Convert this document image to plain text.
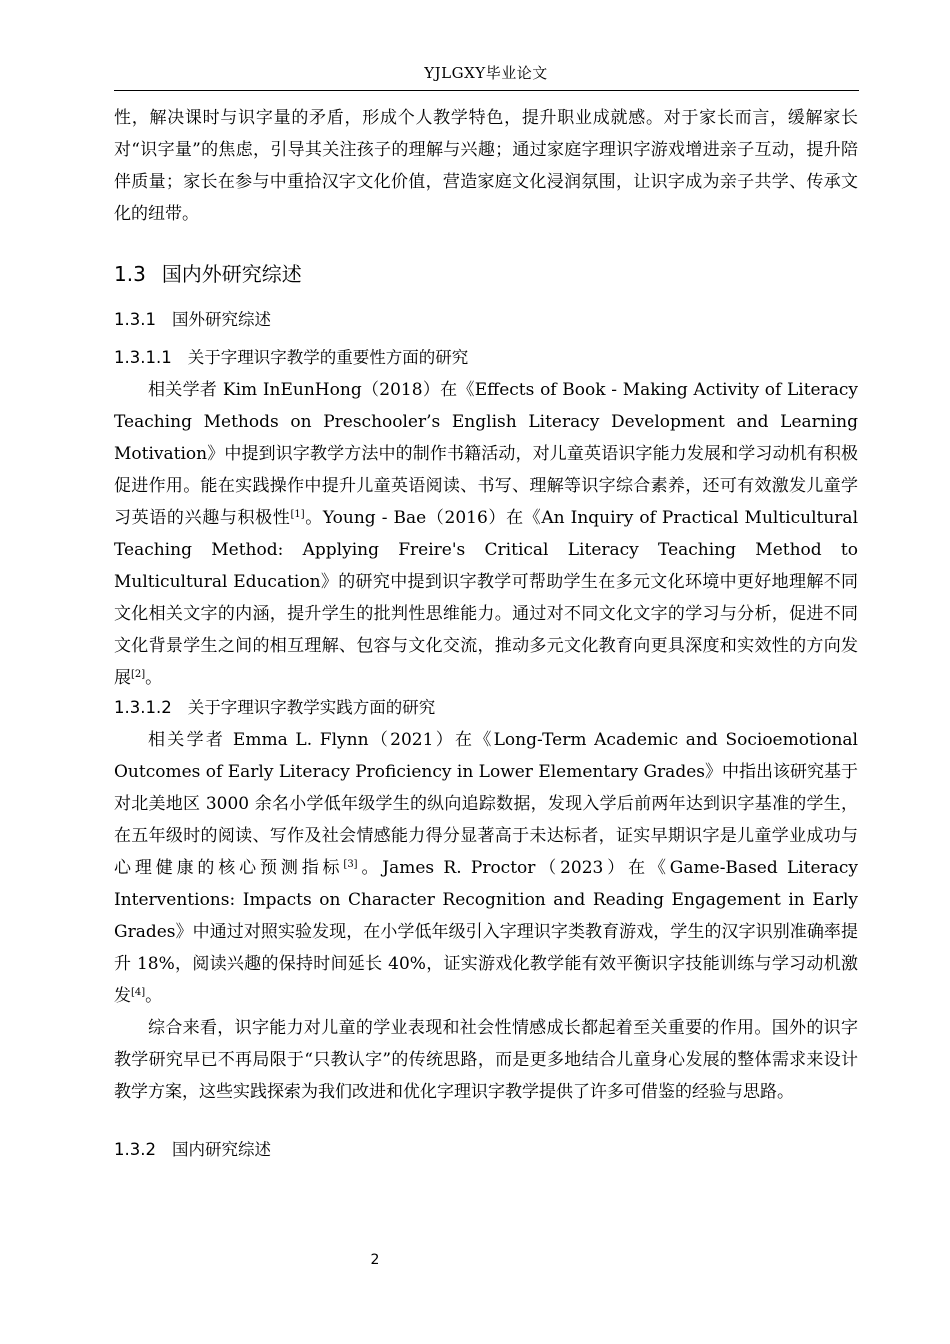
YJLGXY毕业论文

性，解决课时与识字量的矛盾，形成个人教学特色，提升职业成就感。对于家长而言，缓解家长对“识字量”的焦虑，引导其关注孩子的理解与兴趣；通过家庭字理识字游戏增进亲子互动，提升陪伴质量；家长在参与中重拾汉字文化价值，营造家庭文化浸润氛围，让识字成为亲子共学、传承文化的纽带。

1.3 国内外研究综述
1.3.1 国外研究综述
1.3.1.1 关于字理识字教学的重要性方面的研究

相关学者 Kim InEunHong（2018）在《Effects of Book - Making Activity of Literacy Teaching Methods on Preschooler’s English Literacy Development and Learning Motivation》中提到识字教学方法中的制作书籍活动，对儿童英语识字能力发展和学习动机有积极促进作用。能在实践操作中提升儿童英语阅读、书写、理解等识字综合素养，还可有效激发儿童学习英语的兴趣与积极性[1]。Young - Bae（2016）在《An Inquiry of Practical Multicultural Teaching Method: Applying Freire's Critical Literacy Teaching Method to Multicultural Education》的研究中提到识字教学可帮助学生在多元文化环境中更好地理解不同文化相关文字的内涵，提升学生的批判性思维能力。通过对不同文化文字的学习与分析，促进不同文化背景学生之间的相互理解、包容与文化交流，推动多元文化教育向更具深度和实效性的方向发展[2]。

1.3.1.2 关于字理识字教学实践方面的研究

相关学者 Emma L. Flynn（2021）在《Long-Term Academic and Socioemotional Outcomes of Early Literacy Proficiency in Lower Elementary Grades》中指出该研究基于对北美地区 3000 余名小学低年级学生的纵向追踪数据，发现入学后前两年达到识字基准的学生，在五年级时的阅读、写作及社会情感能力得分显著高于未达标者，证实早期识字是儿童学业成功与心理健康的核心预测指标[3]。James R. Proctor（2023）在《Game-Based Literacy Interventions: Impacts on Character Recognition and Reading Engagement in Early Grades》中通过对照实验发现，在小学低年级引入字理识字类教育游戏，学生的汉字识别准确率提升 18%，阅读兴趣的保持时间延长 40%，证实游戏化教学能有效平衡识字技能训练与学习动机激发[4]。

综合来看，识字能力对儿童的学业表现和社会性情感成长都起着至关重要的作用。国外的识字教学研究早已不再局限于“只教认字”的传统思路，而是更多地结合儿童身心发展的整体需求来设计教学方案，这些实践探索为我们改进和优化字理识字教学提供了许多可借鉴的经验与思路。

1.3.2 国内研究综述
2
